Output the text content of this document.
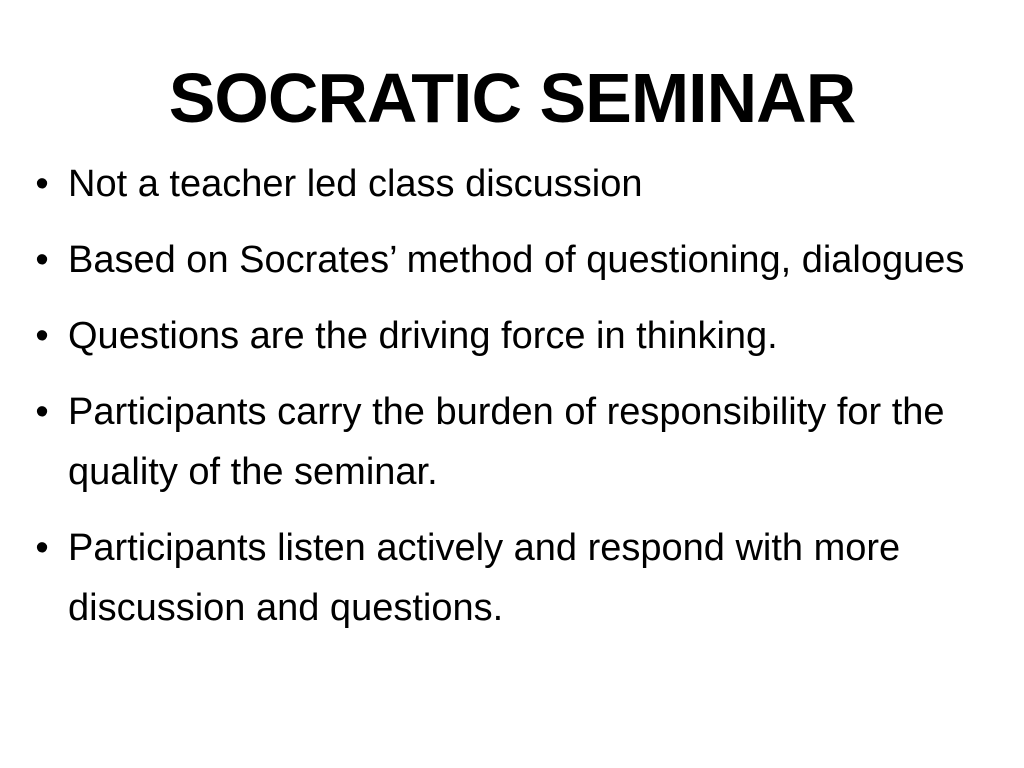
SOCRATIC SEMINAR
• Not a teacher led class discussion
• Based on Socrates’ method of questioning, dialogues
• Questions are the driving force in thinking.
• Participants carry the burden of responsibility for the quality of the seminar.
• Participants listen actively and respond with more discussion and questions.
